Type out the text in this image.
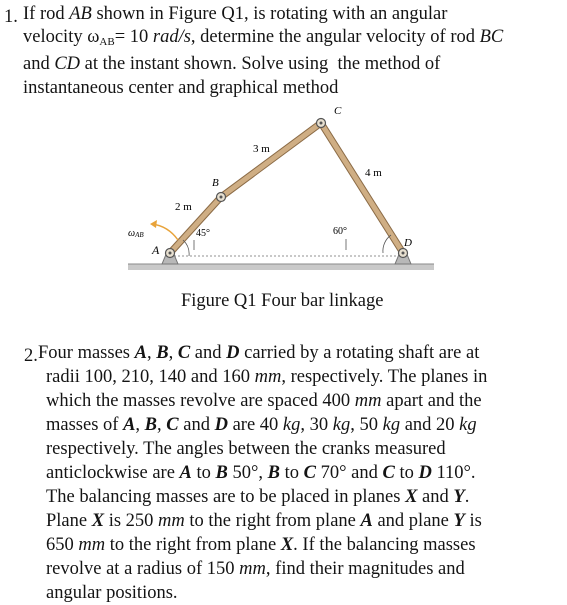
1. If rod AB shown in Figure Q1, is rotating with an angular
velocity $\omega_{AB}= 10$ rad/s, determine the angular velocity of rod BC
and CD at the instant shown. Solve using  the method of
instantaneous center and graphical method
ωAB
A
B
C
D
2 m
3 m
4 m
45°	60°
Figure Q1 Four bar linkage
2. Four masses A, B, C and D carried by a rotating shaft are at
radii 100, 210, 140 and 160 mm, respectively. The planes in
which the masses revolve are spaced 400 mm apart and the
masses of A, B, C and D are 40 kg, 30 kg, 50 kg and 20 kg
respectively. The angles between the cranks measured
anticlockwise are A to B 50°, B to C 70° and C to D 110°.
The balancing masses are to be placed in planes X and Y.
Plane X is 250 mm to the right from plane A and plane Y is
650 mm to the right from plane X. If the balancing masses
revolve at a radius of 150 mm, find their magnitudes and
angular positions.
